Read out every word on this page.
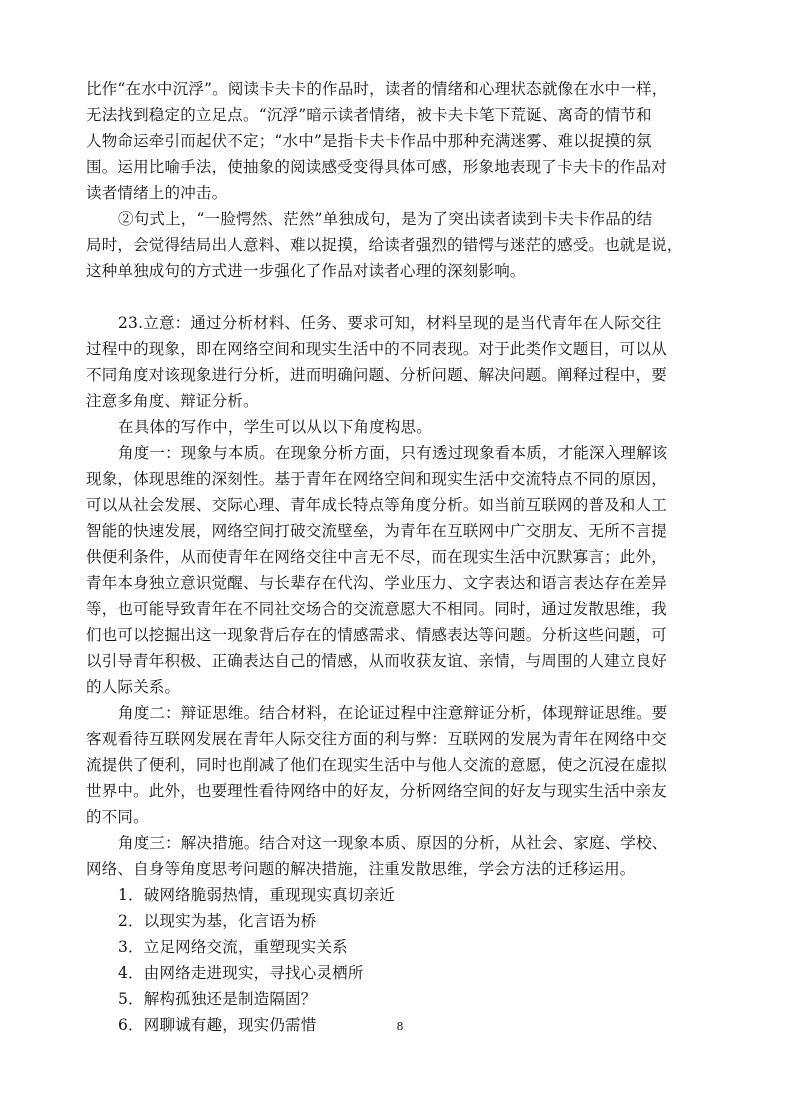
比作“在水中沉浮”。阅读卡夫卡的作品时，读者的情绪和心理状态就像在水中一样，
无法找到稳定的立足点。“沉浮”暗示读者情绪，被卡夫卡笔下荒诞、离奇的情节和
人物命运牵引而起伏不定；“水中”是指卡夫卡作品中那种充满迷雾、难以捉摸的氛
围。运用比喻手法，使抽象的阅读感受变得具体可感，形象地表现了卡夫卡的作品对
读者情绪上的冲击。
②句式上，“一脸愕然、茫然”单独成句，是为了突出读者读到卡夫卡作品的结
局时，会觉得结局出人意料、难以捉摸，给读者强烈的错愕与迷茫的感受。也就是说，
这种单独成句的方式进一步强化了作品对读者心理的深刻影响。
23.立意：通过分析材料、任务、要求可知，材料呈现的是当代青年在人际交往
过程中的现象，即在网络空间和现实生活中的不同表现。对于此类作文题目，可以从
不同角度对该现象进行分析，进而明确问题、分析问题、解决问题。阐释过程中，要
注意多角度、辩证分析。
在具体的写作中，学生可以从以下角度构思。
角度一：现象与本质。在现象分析方面，只有透过现象看本质，才能深入理解该
现象，体现思维的深刻性。基于青年在网络空间和现实生活中交流特点不同的原因，
可以从社会发展、交际心理、青年成长特点等角度分析。如当前互联网的普及和人工
智能的快速发展，网络空间打破交流壁垒，为青年在互联网中广交朋友、无所不言提
供便利条件，从而使青年在网络交往中言无不尽，而在现实生活中沉默寡言；此外，
青年本身独立意识觉醒、与长辈存在代沟、学业压力、文字表达和语言表达存在差异
等，也可能导致青年在不同社交场合的交流意愿大不相同。同时，通过发散思维，我
们也可以挖掘出这一现象背后存在的情感需求、情感表达等问题。分析这些问题，可
以引导青年积极、正确表达自己的情感，从而收获友谊、亲情，与周围的人建立良好
的人际关系。
角度二：辩证思维。结合材料，在论证过程中注意辩证分析，体现辩证思维。要
客观看待互联网发展在青年人际交往方面的利与弊：互联网的发展为青年在网络中交
流提供了便利，同时也削减了他们在现实生活中与他人交流的意愿，使之沉浸在虚拟
世界中。此外，也要理性看待网络中的好友，分析网络空间的好友与现实生活中亲友
的不同。
角度三：解决措施。结合对这一现象本质、原因的分析，从社会、家庭、学校、
网络、自身等角度思考问题的解决措施，注重发散思维，学会方法的迁移运用。
1．破网络脆弱热情，重现现实真切亲近
2．以现实为基，化言语为桥
3．立足网络交流，重塑现实关系
4．由网络走进现实，寻找心灵栖所
5．解构孤独还是制造隔固？
6．网聊诚有趣，现实仍需惜	8
